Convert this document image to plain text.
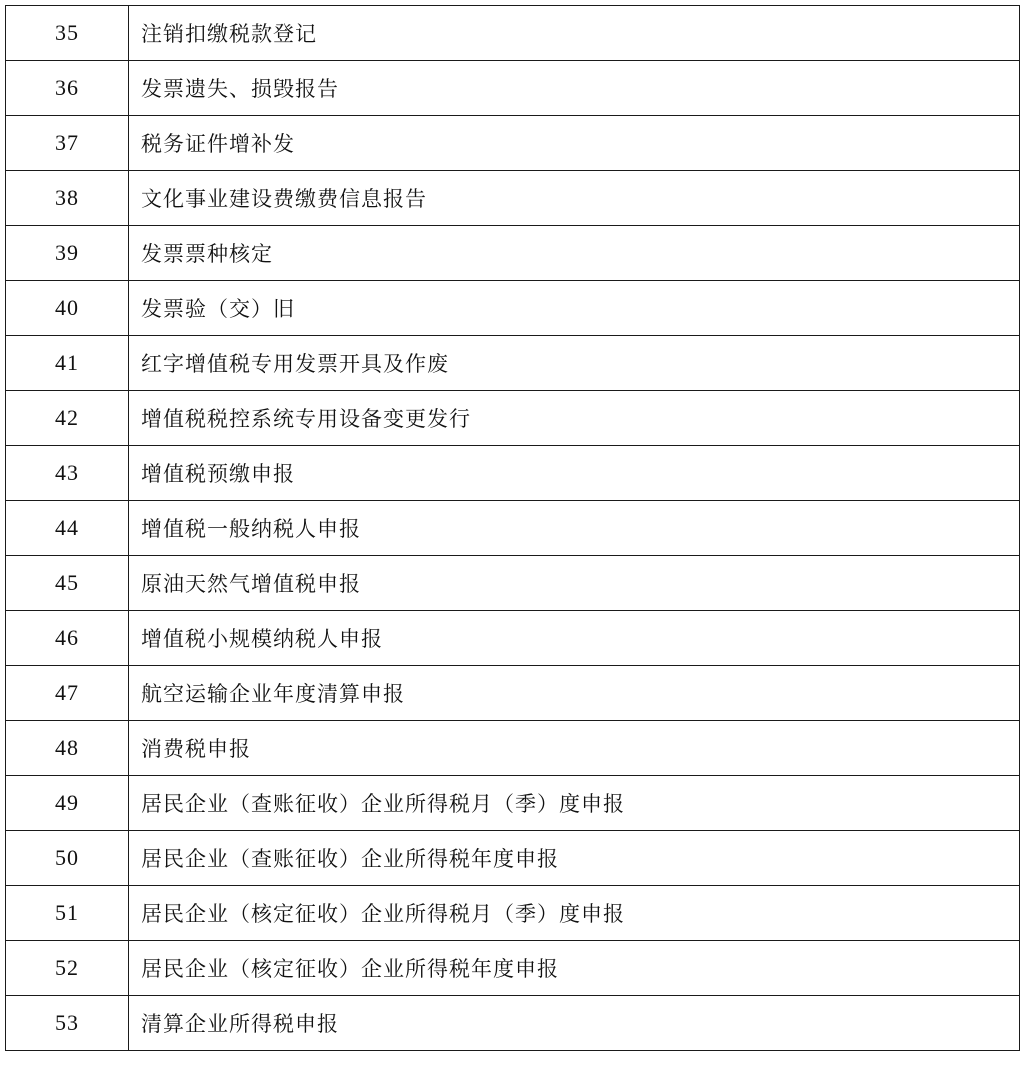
35	注销扣缴税款登记
36	发票遗失、损毁报告
37	税务证件增补发
38	文化事业建设费缴费信息报告
39	发票票种核定
40	发票验（交）旧
41	红字增值税专用发票开具及作废
42	增值税税控系统专用设备变更发行
43	增值税预缴申报
44	增值税一般纳税人申报
45	原油天然气增值税申报
46	增值税小规模纳税人申报
47	航空运输企业年度清算申报
48	消费税申报
49	居民企业（查账征收）企业所得税月（季）度申报
50	居民企业（查账征收）企业所得税年度申报
51	居民企业（核定征收）企业所得税月（季）度申报
52	居民企业（核定征收）企业所得税年度申报
53	清算企业所得税申报
